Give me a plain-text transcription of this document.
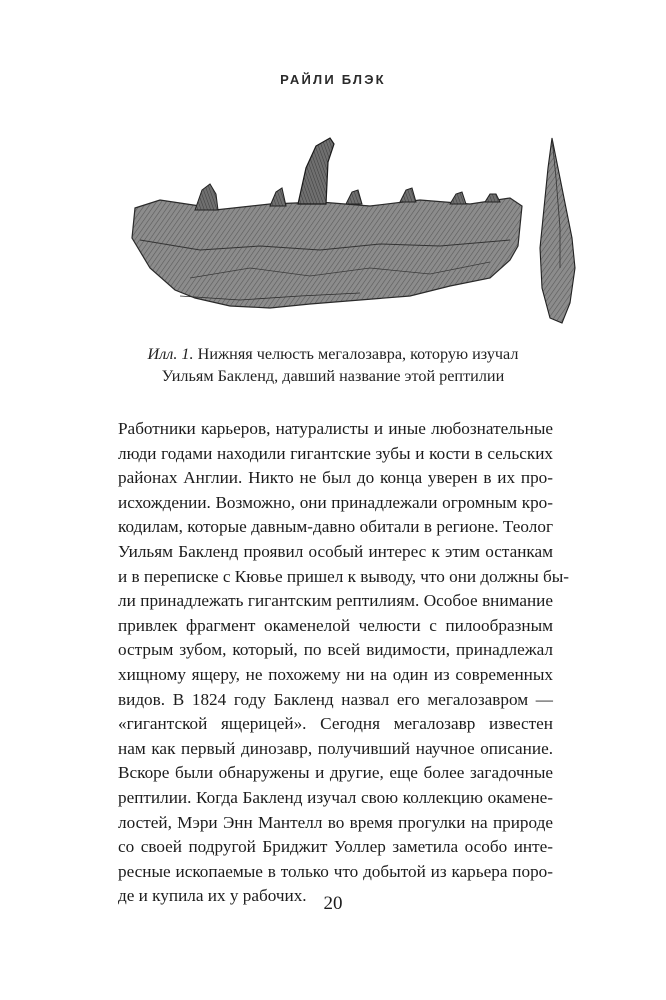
РАЙЛИ БЛЭК
Илл. 1. Нижняя челюсть мегалозавра, которую изучал
Уильям Бакленд, давший название этой рептилии
Работники карьеров, натуралисты и иные любознательные
люди годами находили гигантские зубы и кости в сельских
районах Англии. Никто не был до конца уверен в их про-
исхождении. Возможно, они принадлежали огромным кро-
кодилам, которые давным-давно обитали в регионе. Теолог
Уильям Бакленд проявил особый интерес к этим останкам
и в переписке с Кювье пришел к выводу, что они должны бы-
ли принадлежать гигантским рептилиям. Особое внимание
привлек фрагмент окаменелой челюсти с пилообразным
острым зубом, который, по всей видимости, принадлежал
хищному ящеру, не похожему ни на один из современных
видов. В 1824 году Бакленд назвал его мегалозавром —
«гигантской ящерицей». Сегодня мегалозавр известен
нам как первый динозавр, получивший научное описание.
Вскоре были обнаружены и другие, еще более загадочные
рептилии. Когда Бакленд изучал свою коллекцию окамене-
лостей, Мэри Энн Мантелл во время прогулки на природе
со своей подругой Бриджит Уоллер заметила особо инте-
ресные ископаемые в только что добытой из карьера поро-
де и купила их у рабочих. 20
